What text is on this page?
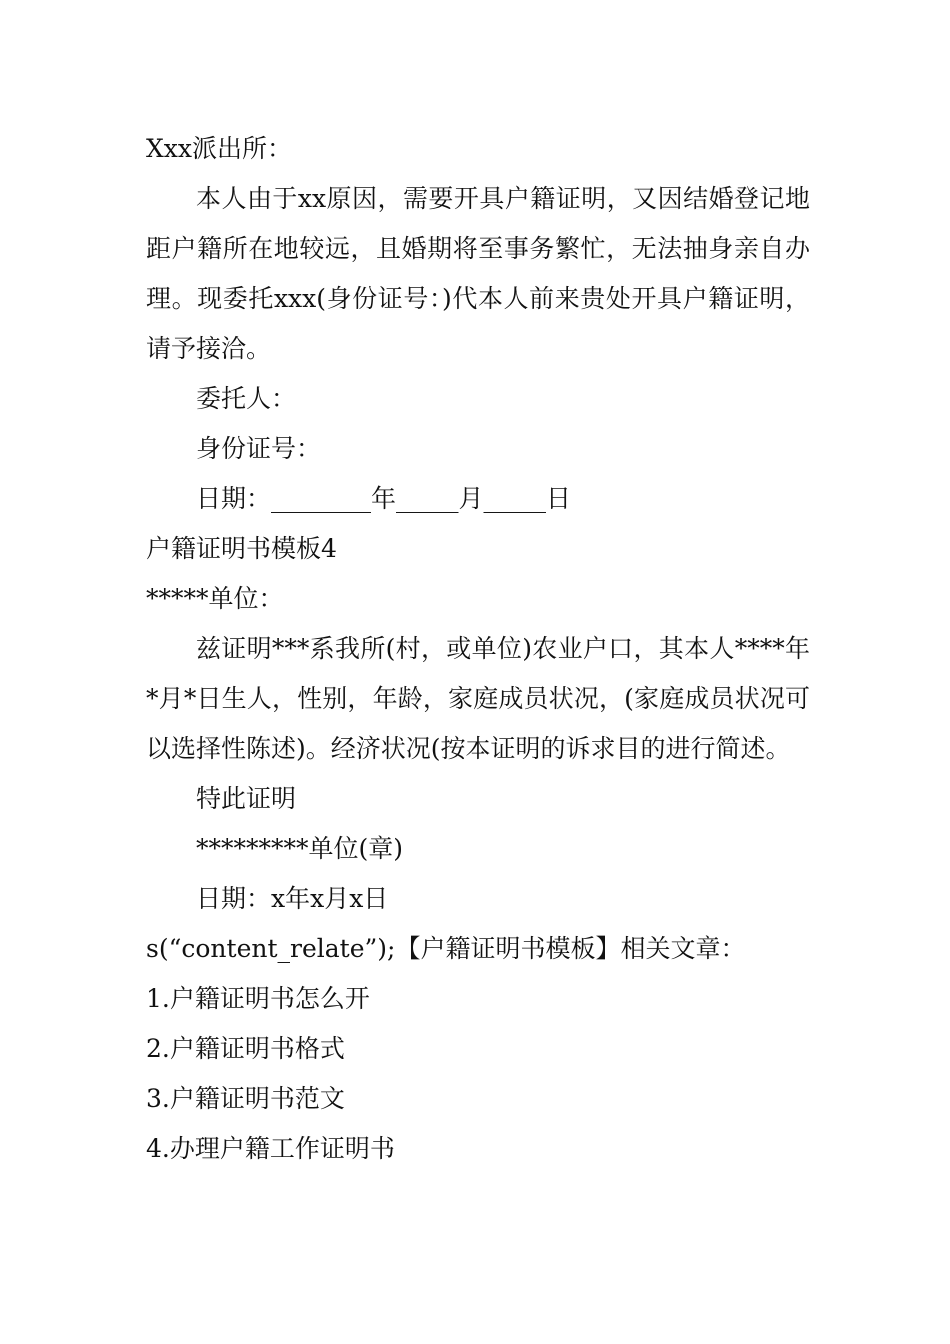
Xxx派出所：

本人由于xx原因，需要开具户籍证明，又因结婚登记地距户籍所在地较远，且婚期将至事务繁忙，无法抽身亲自办理。现委托xxx(身份证号：)代本人前来贵处开具户籍证明，请予接洽。

委托人：

身份证号：

日期：________年_____月_____日

户籍证明书模板4

*****单位：

兹证明***系我所(村，或单位)农业户口，其本人****年*月*日生人，性别，年龄，家庭成员状况，(家庭成员状况可以选择性陈述)。经济状况(按本证明的诉求目的进行简述。

特此证明

*********单位(章)

日期：x年x月x日

s(“content_relate”);【户籍证明书模板】相关文章：

1.户籍证明书怎么开

2.户籍证明书格式

3.户籍证明书范文

4.办理户籍工作证明书
